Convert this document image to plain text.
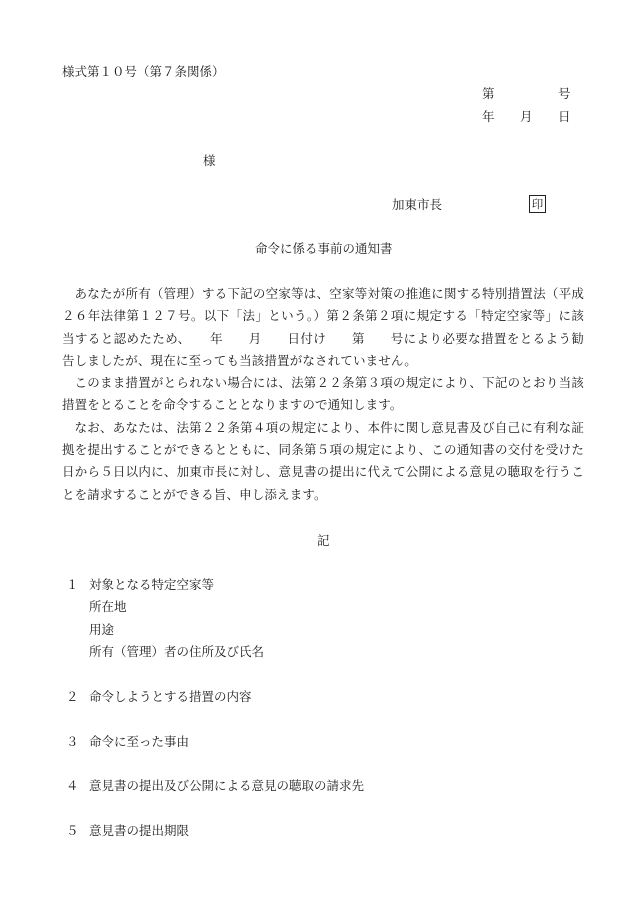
様式第１０号（第７条関係）
第	号
年 月 日
様
加東市長	印
命令に係る事前の通知書

あなたが所有（管理）する下記の空家等は、空家等対策の推進に関する特別措置法（平成２６年法律第１２７号。以下「法」という。）第２条第２項に規定する「特定空家等」に該当すると認めたため、　　年　　月　　日付け　　第　　号により必要な措置をとるよう勧告しましたが、現在に至っても当該措置がなされていません。

このまま措置がとられない場合には、法第２２条第３項の規定により、下記のとおり当該措置をとることを命令することとなりますので通知します。

なお、あなたは、法第２２条第４項の規定により、本件に関し意見書及び自己に有利な証拠を提出することができるとともに、同条第５項の規定により、この通知書の交付を受けた日から５日以内に、加東市長に対し、意見書の提出に代えて公開による意見の聴取を行うことを請求することができる旨、申し添えます。

記
１ 対象となる特定空家等
所在地
用途
所有（管理）者の住所及び氏名
２ 命令しようとする措置の内容
３ 命令に至った事由
４ 意見書の提出及び公開による意見の聴取の請求先
５ 意見書の提出期限
